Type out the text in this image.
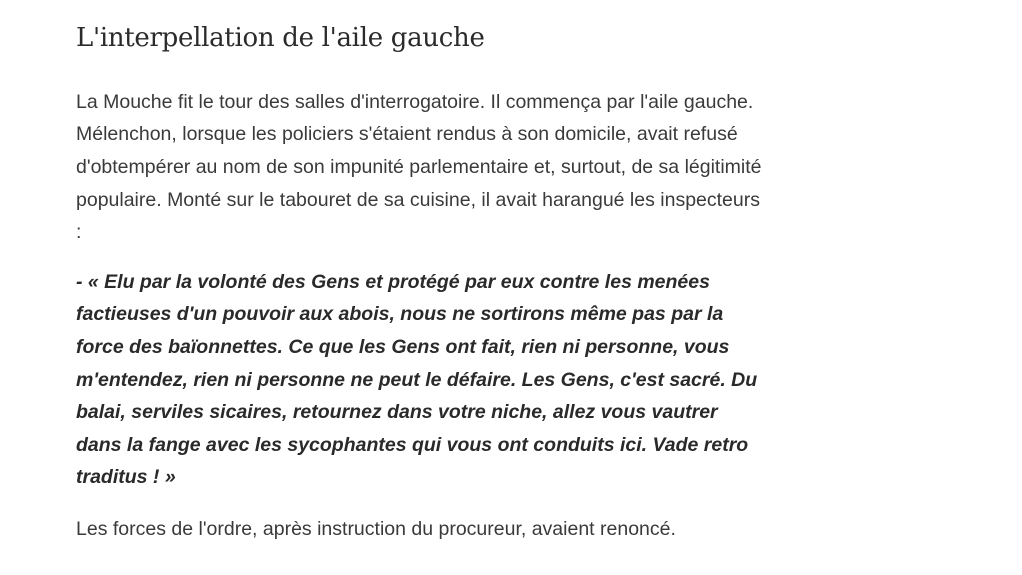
L'interpellation de l'aile gauche

La Mouche fit le tour des salles d'interrogatoire. Il commença par l'aile gauche. Mélenchon, lorsque les policiers s'étaient rendus à son domicile, avait refusé d'obtempérer au nom de son impunité parlementaire et, surtout, de sa légitimité populaire. Monté sur le tabouret de sa cuisine, il avait harangué les inspecteurs :

- « Elu par la volonté des Gens et protégé par eux contre les menées factieuses d'un pouvoir aux abois, nous ne sortirons même pas par la force des baïonnettes. Ce que les Gens ont fait, rien ni personne, vous m'entendez, rien ni personne ne peut le défaire. Les Gens, c'est sacré. Du balai, serviles sicaires, retournez dans votre niche, allez vous vautrer dans la fange avec les sycophantes qui vous ont conduits ici. Vade retro traditus ! »

Les forces de l'ordre, après instruction du procureur, avaient renoncé.
